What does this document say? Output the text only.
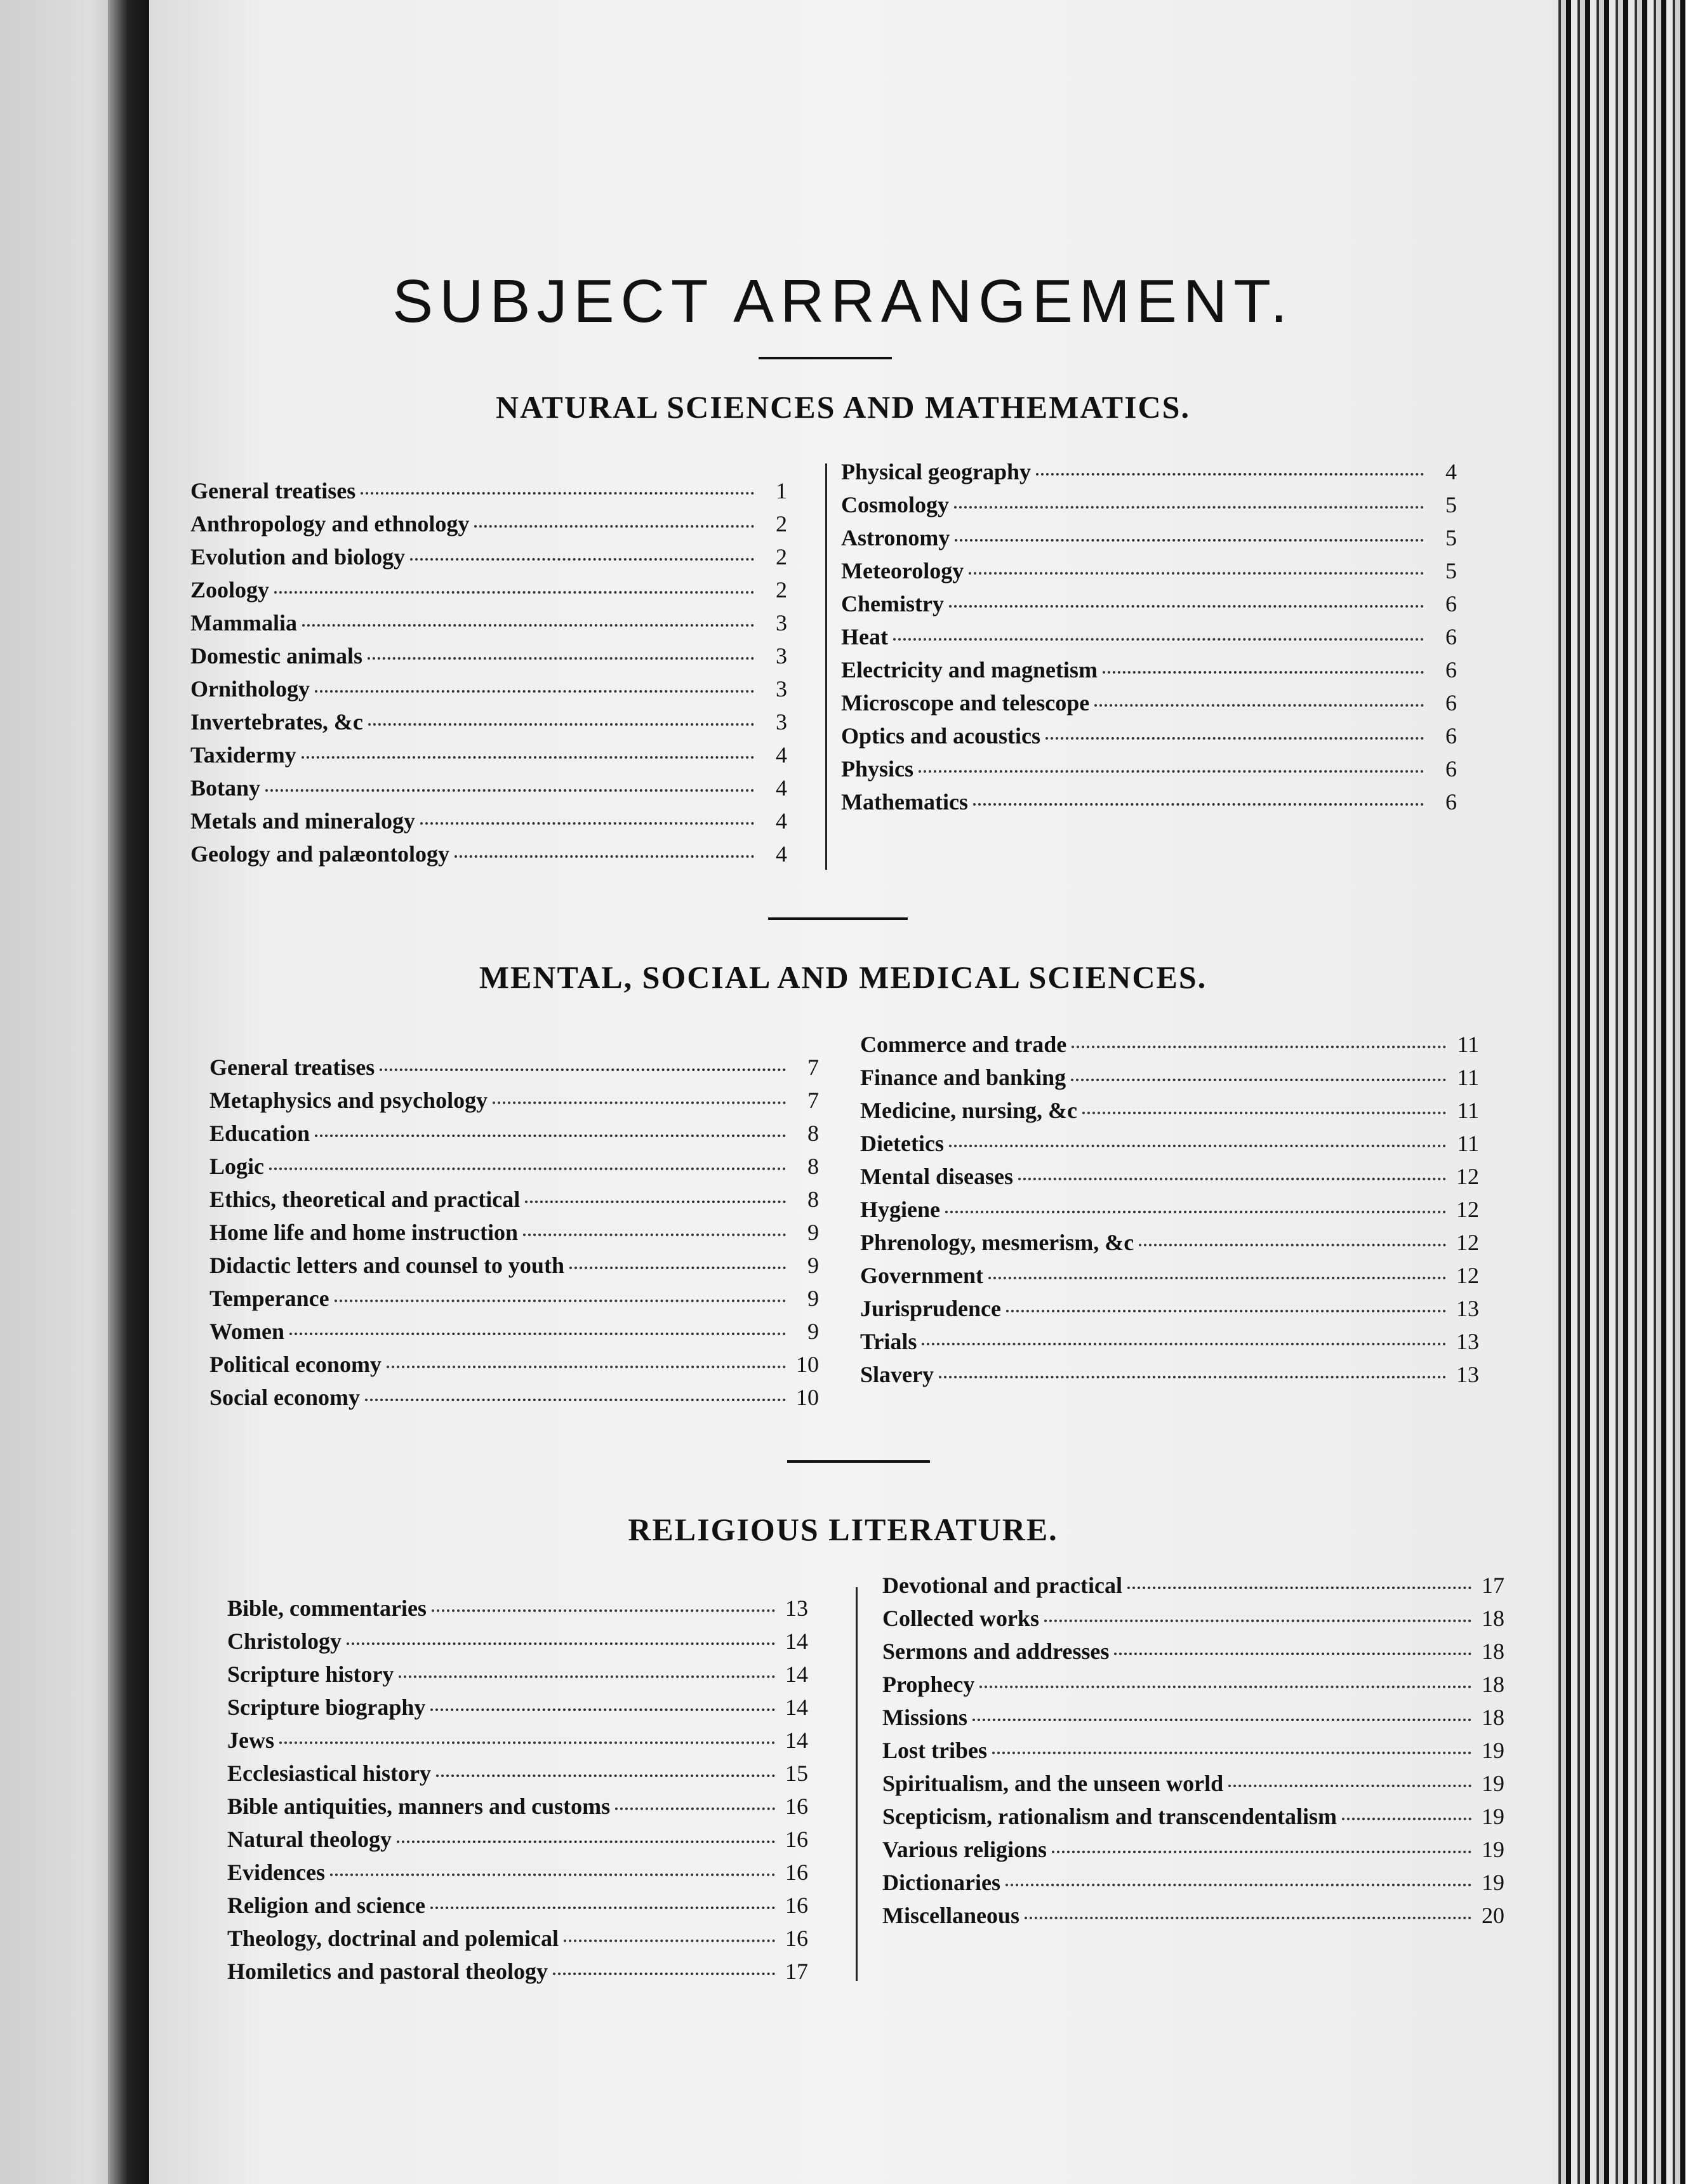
SUBJECT ARRANGEMENT.
NATURAL SCIENCES AND MATHEMATICS.
General treatises	1
Anthropology and ethnology	2
Evolution and biology	2
Zoology	2
Mammalia	3
Domestic animals	3
Ornithology	3
Invertebrates, &c	3
Taxidermy	4
Botany	4
Metals and mineralogy	4
Geology and palæontology	4
Physical geography	4
Cosmology	5
Astronomy	5
Meteorology	5
Chemistry	6
Heat	6
Electricity and magnetism	6
Microscope and telescope	6
Optics and acoustics	6
Physics	6
Mathematics	6
MENTAL, SOCIAL AND MEDICAL SCIENCES.
General treatises	7
Metaphysics and psychology	7
Education	8
Logic	8
Ethics, theoretical and practical	8
Home life and home instruction	9
Didactic letters and counsel to youth	9
Temperance	9
Women	9
Political economy	10
Social economy	10
Commerce and trade	11
Finance and banking	11
Medicine, nursing, &c	11
Dietetics	11
Mental diseases	12
Hygiene	12
Phrenology, mesmerism, &c	12
Government	12
Jurisprudence	13
Trials	13
Slavery	13
RELIGIOUS LITERATURE.
Bible, commentaries	13
Christology	14
Scripture history	14
Scripture biography	14
Jews	14
Ecclesiastical history	15
Bible antiquities, manners and customs	16
Natural theology	16
Evidences	16
Religion and science	16
Theology, doctrinal and polemical	16
Homiletics and pastoral theology	17
Devotional and practical	17
Collected works	18
Sermons and addresses	18
Prophecy	18
Missions	18
Lost tribes	19
Spiritualism, and the unseen world	19
Scepticism, rationalism and transcendentalism	19
Various religions	19
Dictionaries	19
Miscellaneous	20
